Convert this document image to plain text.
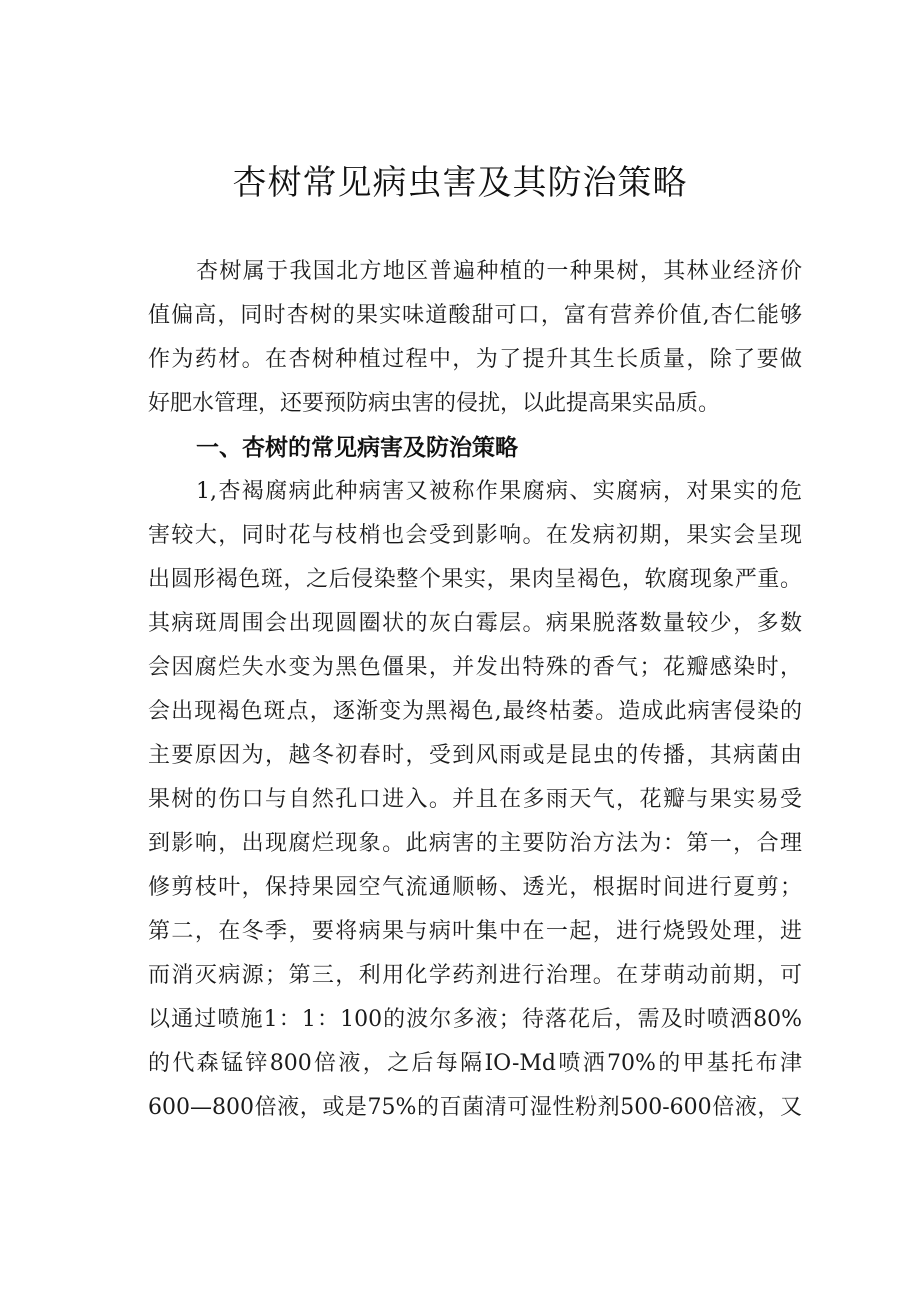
杏树常见病虫害及其防治策略
杏树属于我国北方地区普遍种植的一种果树，其林业经济价
值偏高，同时杏树的果实味道酸甜可口，富有营养价值,杏仁能够
作为药材。在杏树种植过程中，为了提升其生长质量，除了要做
好肥水管理，还要预防病虫害的侵扰，以此提高果实品质。
一、杏树的常见病害及防治策略
1,杏褐腐病此种病害又被称作果腐病、实腐病，对果实的危
害较大，同时花与枝梢也会受到影响。在发病初期，果实会呈现
出圆形褐色斑，之后侵染整个果实，果肉呈褐色，软腐现象严重。
其病斑周围会出现圆圈状的灰白霉层。病果脱落数量较少，多数
会因腐烂失水变为黑色僵果，并发出特殊的香气；花瓣感染时，
会出现褐色斑点，逐渐变为黑褐色,最终枯萎。造成此病害侵染的
主要原因为，越冬初春时，受到风雨或是昆虫的传播，其病菌由
果树的伤口与自然孔口进入。并且在多雨天气，花瓣与果实易受
到影响，出现腐烂现象。此病害的主要防治方法为：第一，合理
修剪枝叶，保持果园空气流通顺畅、透光，根据时间进行夏剪；
第二，在冬季，要将病果与病叶集中在一起，进行烧毁处理，进
而消灭病源；第三，利用化学药剂进行治理。在芽萌动前期，可
以通过喷施1：1：100的波尔多液；待落花后，需及时喷洒80%
的代森锰锌800倍液，之后每隔IO-Md喷洒70%的甲基托布津
600—800倍液，或是75%的百菌清可湿性粉剂500-600倍液，又
